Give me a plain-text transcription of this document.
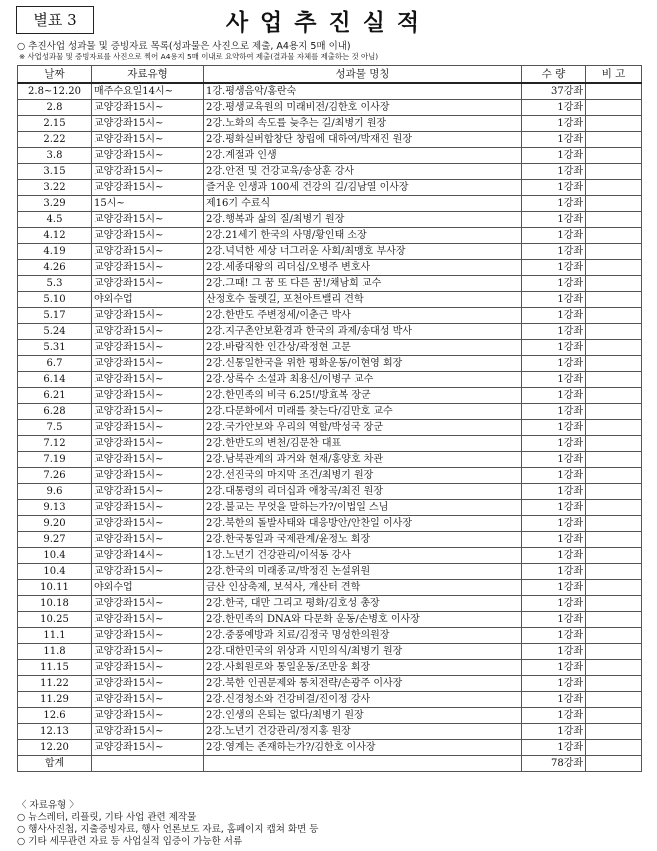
별표 3	사업추진실적
○ 추진사업 성과물 및 증빙자료 목록(성과물은 사진으로 제출, A4용지 5매 이내)
※ 사업성과물 및 증빙자료를 사진으로 찍어 A4용지 5매 이내로 요약하여 제출(결과물 자체를 제출하는 것 아님)
날짜	자료유형	성과물 명칭	수 량	비 고
2.8~12.20	매주수요일14시~	1강.평생음악/홍란숙	37강좌	
2.8	교양강좌15시~	2강.평생교육원의 미래비전/김한호 이사장	1강좌	
2.15	교양강좌15시~	2강.노화의 속도를 늦추는 길/최병기 원장	1강좌	
2.22	교양강좌15시~	2강.평화실버합창단 창립에 대하여/박재진 원장	1강좌	
3.8	교양강좌15시~	2강.계절과 인생	1강좌	
3.15	교양강좌15시~	2강.안전 및 건강교육/송상훈 강사	1강좌	
3.22	교양강좌15시~	즐거운 인생과 100세 건강의 길/김남열 이사장	1강좌	
3.29	15시~	제16기 수료식	1강좌	
4.5	교양강좌15시~	2강.행복과 삶의 질/최병기 원장	1강좌	
4.12	교양강좌15시~	2강.21세기 한국의 사명/황인태 소장	1강좌	
4.19	교양강좌15시~	2강.넉넉한 세상 너그러운 사회/최맹호 부사장	1강좌	
4.26	교양강좌15시~	2강.세종대왕의 리더십/오병주 변호사	1강좌	
5.3	교양강좌15시~	2강.그때! 그 꿈 또 다른 꿈!/채남희 교수	1강좌	
5.10	야외수업	산정호수 둘렛길, 포천아트밸리 견학	1강좌	
5.17	교양강좌15시~	2강.한반도 주변정세/이춘근 박사	1강좌	
5.24	교양강좌15시~	2강.지구촌안보환경과 한국의 과제/송대성 박사	1강좌	
5.31	교양강좌15시~	2강.바람직한 인간상/곽정현 고문	1강좌	
6.7	교양강좌15시~	2강.신통일한국을 위한 평화운동/이현영 회장	1강좌	
6.14	교양강좌15시~	2강.상록수 소설과 최용신/이병구 교수	1강좌	
6.21	교양강좌15시~	2강.한민족의 비극 6.25!/방효복 장군	1강좌	
6.28	교양강좌15시~	2강.다문화에서 미래를 찾는다/김만호 교수	1강좌	
7.5	교양강좌15시~	2강.국가안보와 우리의 역할/박성국 장군	1강좌	
7.12	교양강좌15시~	2강.한반도의 변천/김문찬 대표	1강좌	
7.19	교양강좌15시~	2강.남북관계의 과거와 현재/홍양호 차관	1강좌	
7.26	교양강좌15시~	2강.선진국의 마지막 조건/최병기 원장	1강좌	
9.6	교양강좌15시~	2강.대통령의 리더십과 애창곡/최진 원장	1강좌	
9.13	교양강좌15시~	2강.불교는 무엇을 말하는가?/이법일 스님	1강좌	
9.20	교양강좌15시~	2강.북한의 돌발사태와 대응방안/안찬일 이사장	1강좌	
9.27	교양강좌15시~	2강.한국통일과 국제관계/윤정노 회장	1강좌	
10.4	교양강좌14시~	1강.노년기 건강관리/이석동 강사	1강좌	
10.4	교양강좌15시~	2강.한국의 미래종교/박정진 논설위원	1강좌	
10.11	야외수업	금산 인삼축제, 보석사, 개산터 견학	1강좌	
10.18	교양강좌15시~	2강.한국, 대만 그리고 평화/김호성 총장	1강좌	
10.25	교양강좌15시~	2강.한민족의 DNA와 다문화 운동/손병호 이사장	1강좌	
11.1	교양강좌15시~	2강.중풍예방과 치료/김정국 명성한의원장	1강좌	
11.8	교양강좌15시~	2강.대한민국의 위상과 시민의식/최병기 원장	1강좌	
11.15	교양강좌15시~	2강.사회원로와 통일운동/조만웅 회장	1강좌	
11.22	교양강좌15시~	2강.북한 인권문제와 통치전략/손광주 이사장	1강좌	
11.29	교양강좌15시~	2강.신경청소와 건강비결/진이정 강사	1강좌	
12.6	교양강좌15시~	2강.인생의 은퇴는 없다/최병기 원장	1강좌	
12.13	교양강좌15시~	2강.노년기 건강관리/정지홍 원장	1강좌	
12.20	교양강좌15시~	2강.영계는 존재하는가?/김한호 이사장	1강좌	
합계			78강좌	
〈 자료유형 〉
○ 뉴스레터, 리플릿, 기타 사업 관련 제작물
○ 행사사진첩, 지출증빙자료, 행사 언론보도 자료, 홈페이지 캡쳐 화면 등
○ 기타 세무관련 자료 등 사업실적 입증이 가능한 서류
